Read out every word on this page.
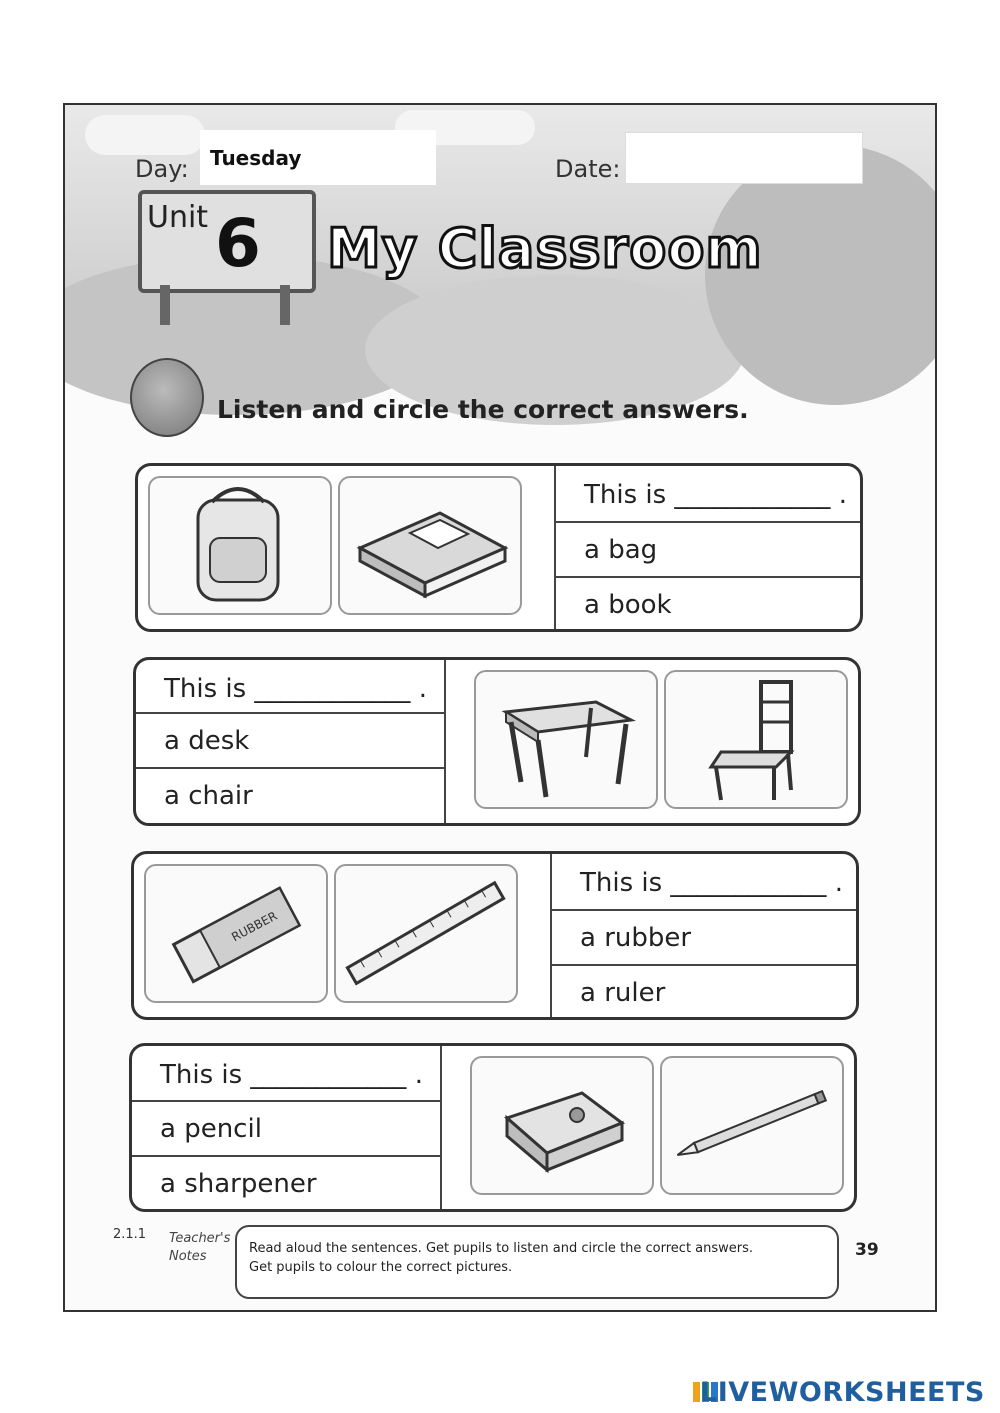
Day:
Tuesday	Date:
Unit 6 My Classroom
Listen and circle the correct answers.
This is ____________ .
a bag
a book
This is ____________ .
a desk
a chair
RUBBER
This is ____________ .
a rubber
a ruler
This is ____________ .
a pencil
a sharpener
2.1.1 Teacher's
Notes
Read aloud the sentences. Get pupils to listen and circle the correct answers.
Get pupils to colour the correct pictures.
39
LIVEWORKSHEETS
